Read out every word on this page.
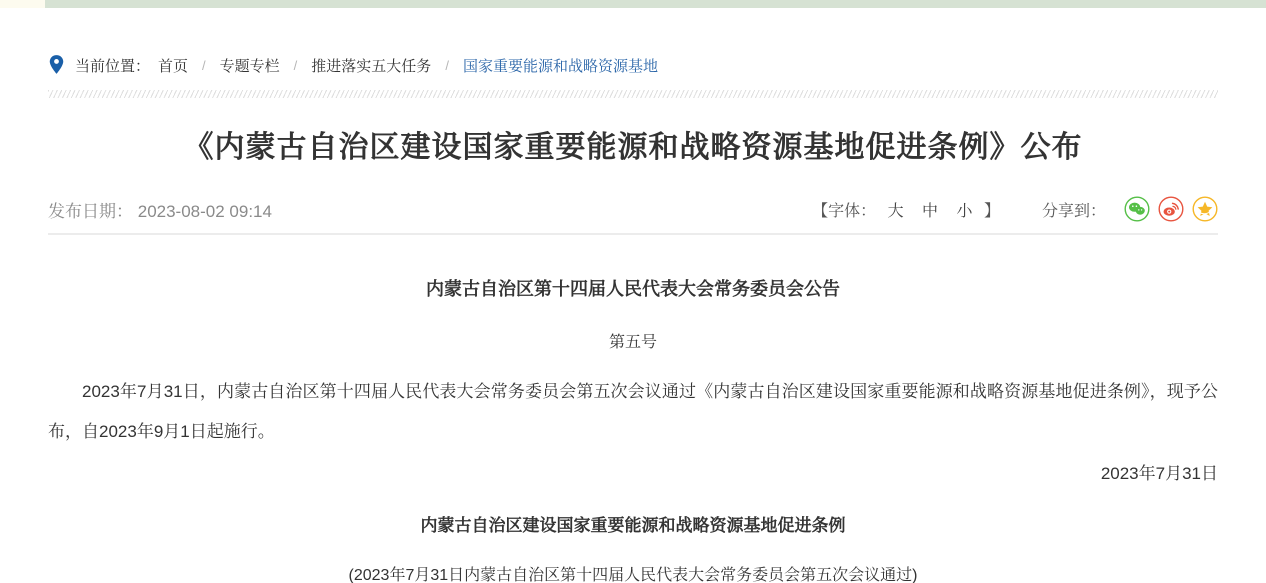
当前位置： 首页 / 专题专栏 / 推进落实五大任务 / 国家重要能源和战略资源基地
《内蒙古自治区建设国家重要能源和战略资源基地促进条例》公布
发布日期： 2023-08-02 09:14	【字体： 大 中 小 】	分享到：
内蒙古自治区第十四届人民代表大会常务委员会公告
第五号

2023年7月31日，内蒙古自治区第十四届人民代表大会常务委员会第五次会议通过《内蒙古自治区建设国家重要能源和战略资源基地促进条例》，现予公布，自2023年9月1日起施行。

2023年7月31日
内蒙古自治区建设国家重要能源和战略资源基地促进条例
(2023年7月31日内蒙古自治区第十四届人民代表大会常务委员会第五次会议通过)
